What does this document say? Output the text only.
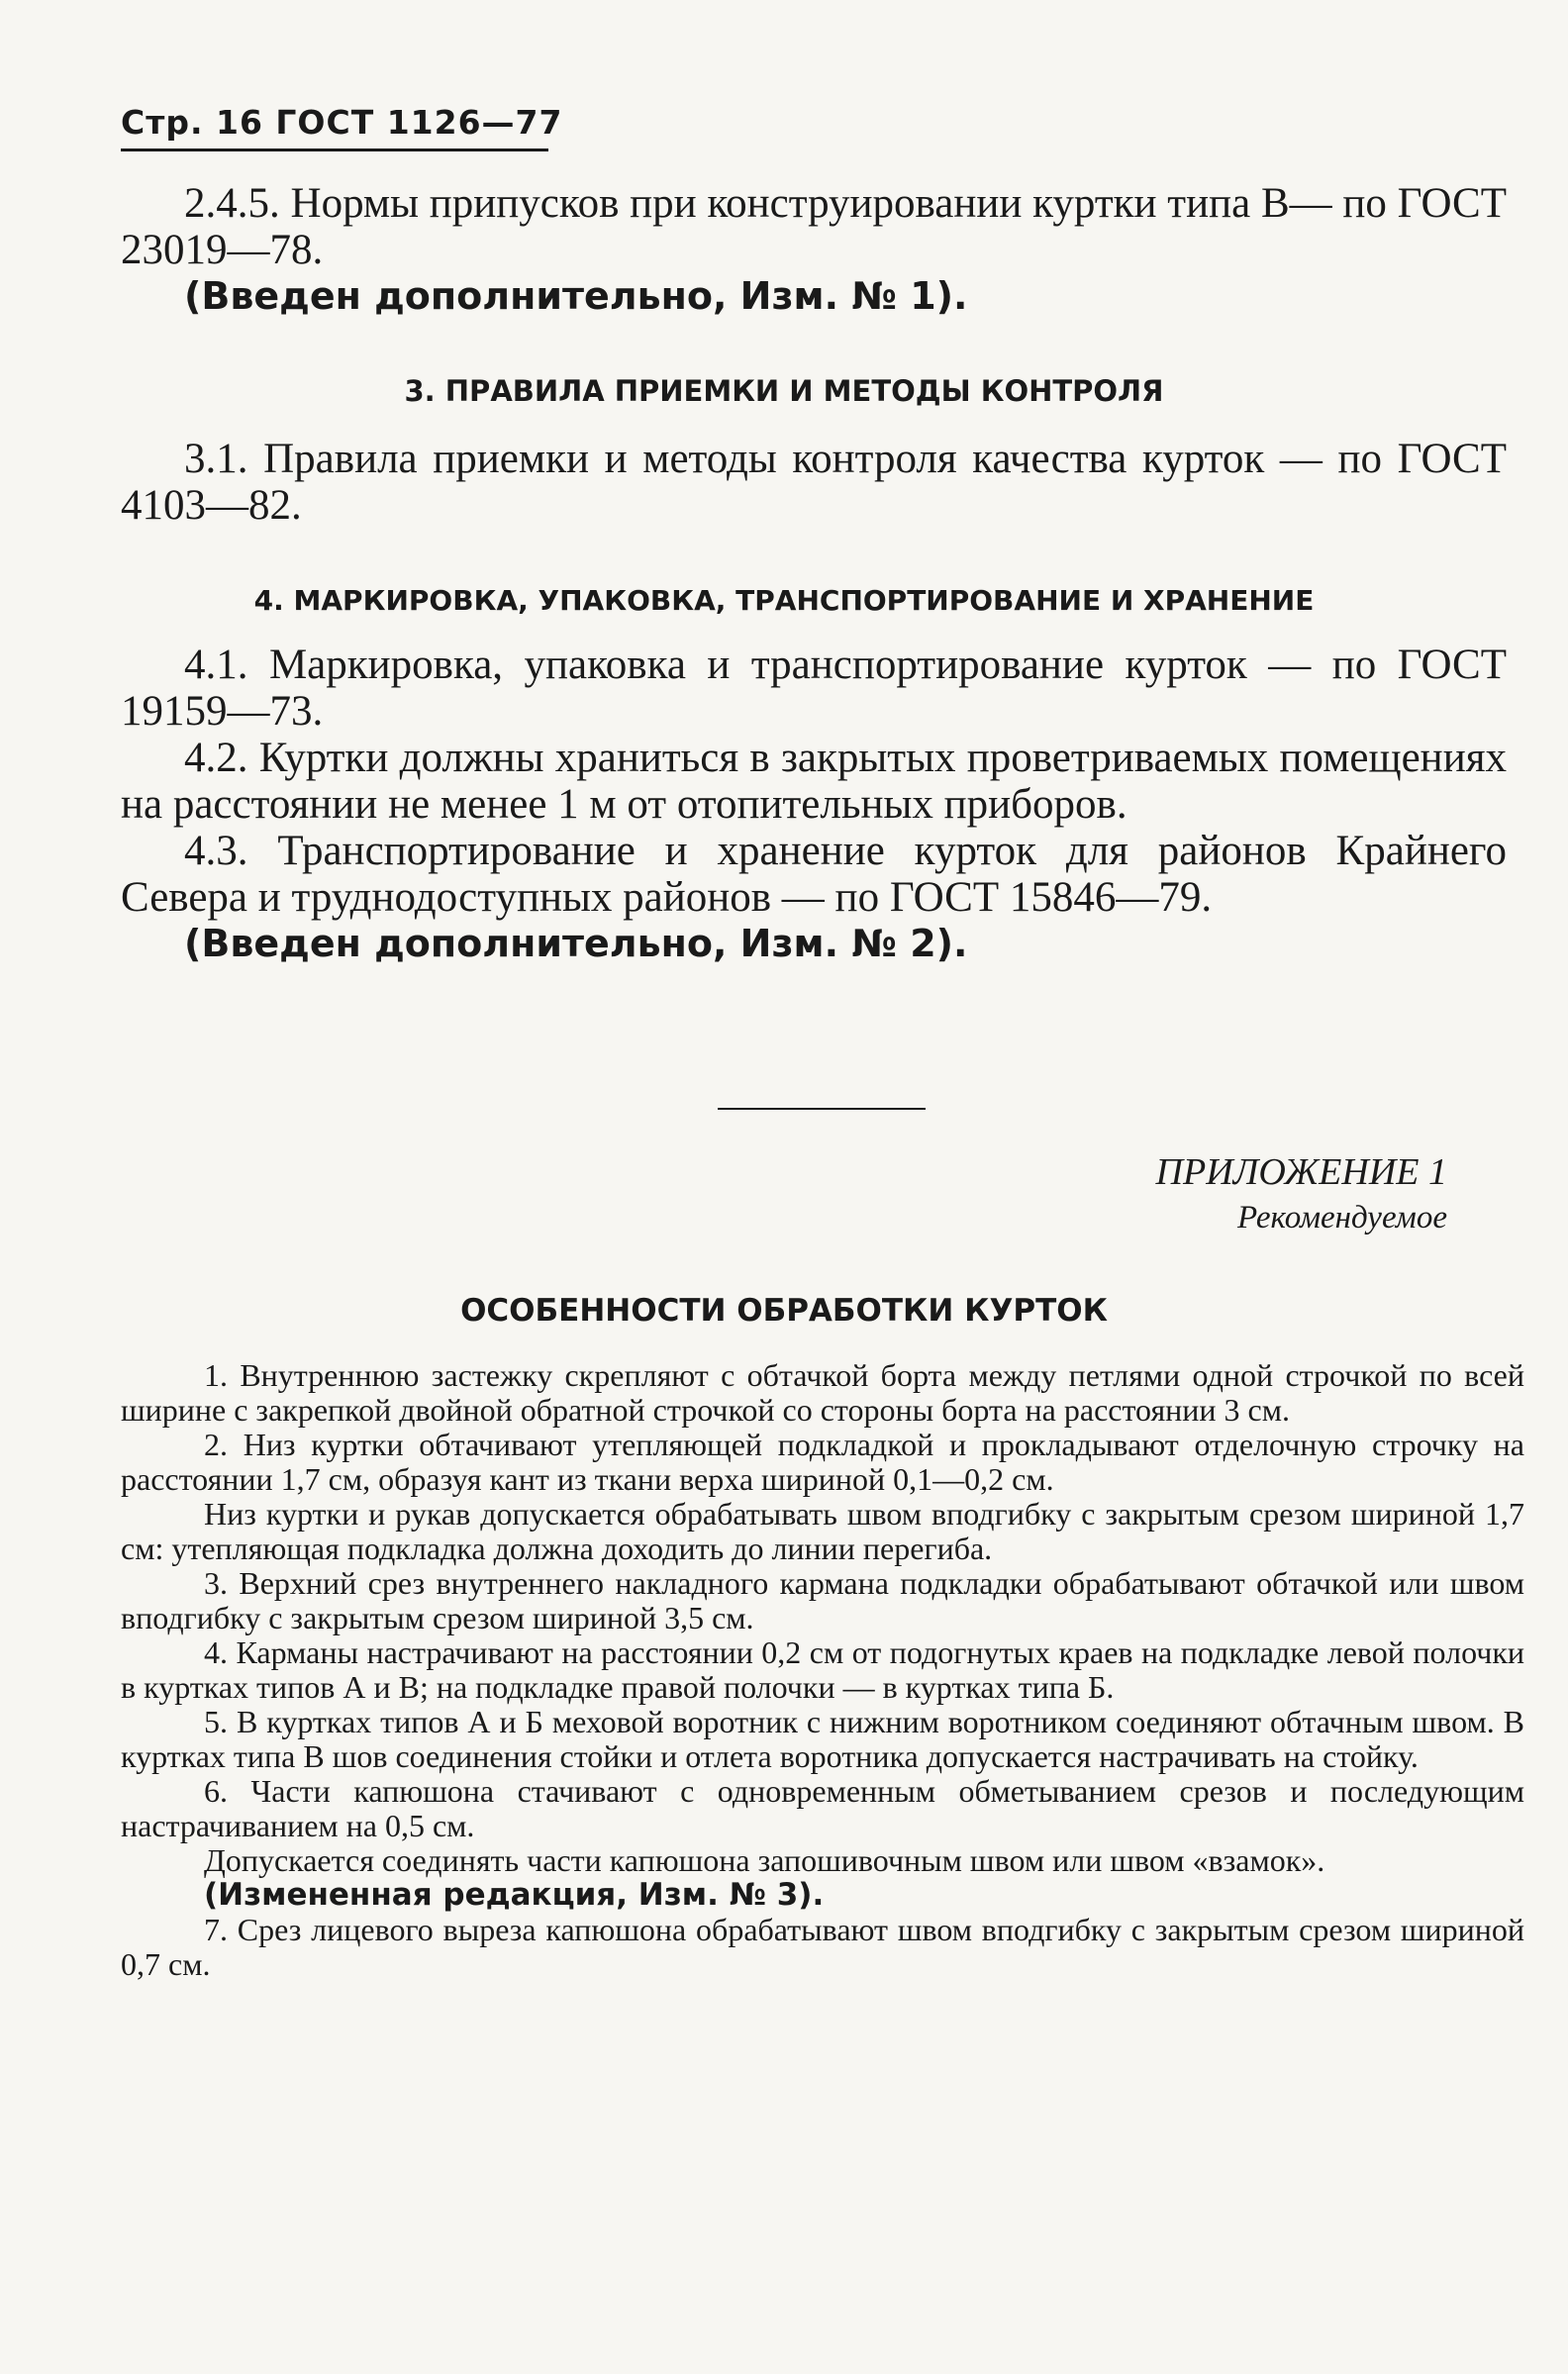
Стр. 16 ГОСТ 1126—77

2.4.5. Нормы припусков при конструировании куртки типа В— по ГОСТ 23019—78.

(Введен дополнительно, Изм. № 1).

3. ПРАВИЛА ПРИЕМКИ И МЕТОДЫ КОНТРОЛЯ

3.1. Правила приемки и методы контроля качества курток — по ГОСТ 4103—82.

4. МАРКИРОВКА, УПАКОВКА, ТРАНСПОРТИРОВАНИЕ И ХРАНЕНИЕ

4.1. Маркировка, упаковка и транспортирование курток — по ГОСТ 19159—73.

4.2. Куртки должны храниться в закрытых проветриваемых помещениях на расстоянии не менее 1 м от отопительных приборов.

4.3. Транспортирование и хранение курток для районов Крайнего Севера и труднодоступных районов — по ГОСТ 15846—79.

(Введен дополнительно, Изм. № 2).

ПРИЛОЖЕНИЕ 1
Рекомендуемое
ОСОБЕННОСТИ ОБРАБОТКИ КУРТОК

1. Внутреннюю застежку скрепляют с обтачкой борта между петлями одной строчкой по всей ширине с закрепкой двойной обратной строчкой со стороны борта на расстоянии 3 см.

2. Низ куртки обтачивают утепляющей подкладкой и прокладывают отделочную строчку на расстоянии 1,7 см, образуя кант из ткани верха шириной 0,1—0,2 см.

Низ куртки и рукав допускается обрабатывать швом вподгибку с закрытым срезом шириной 1,7 см: утепляющая подкладка должна доходить до линии перегиба.

3. Верхний срез внутреннего накладного кармана подкладки обрабатывают обтачкой или швом вподгибку с закрытым срезом шириной 3,5 см.

4. Карманы настрачивают на расстоянии 0,2 см от подогнутых краев на подкладке левой полочки в куртках типов А и В; на подкладке правой полочки — в куртках типа Б.

5. В куртках типов А и Б меховой воротник с нижним воротником соединяют обтачным швом. В куртках типа В шов соединения стойки и отлета воротника допускается настрачивать на стойку.

6. Части капюшона стачивают с одновременным обметыванием срезов и последующим настрачиванием на 0,5 см.

Допускается соединять части капюшона запошивочным швом или швом «взамок».

(Измененная редакция, Изм. № 3).

7. Срез лицевого выреза капюшона обрабатывают швом вподгибку с закрытым срезом шириной 0,7 см.
